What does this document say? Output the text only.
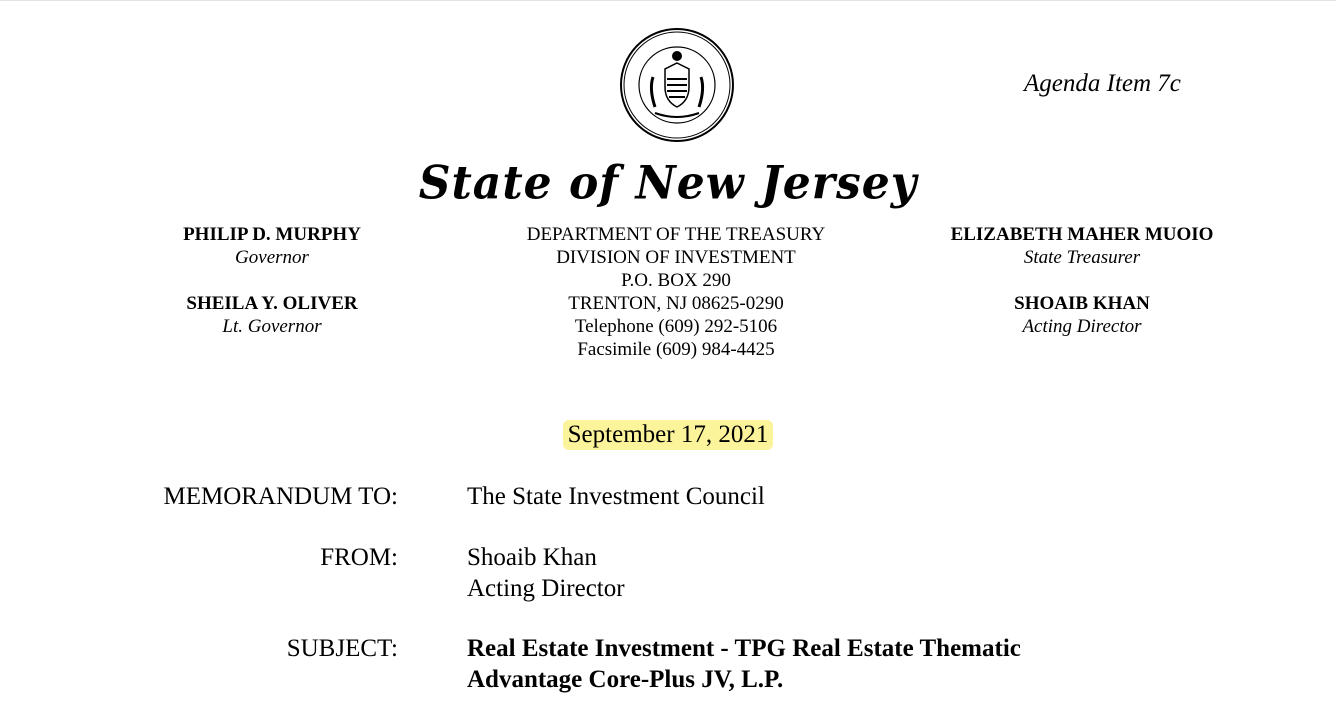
Agenda Item 7c
State of New Jersey
PHILIP D. MURPHY
Governor
SHEILA Y. OLIVER
Lt. Governor
DEPARTMENT OF THE TREASURY
DIVISION OF INVESTMENT
P.O. BOX 290
TRENTON, NJ 08625-0290
Telephone (609) 292-5106
Facsimile (609) 984-4425
ELIZABETH MAHER MUOIO
State Treasurer
SHOAIB KHAN
Acting Director
September 17, 2021
MEMORANDUM TO:	The State Investment Council
FROM:	Shoaib Khan
Acting Director
SUBJECT:	Real Estate Investment - TPG Real Estate Thematic
Advantage Core-Plus JV, L.P.
